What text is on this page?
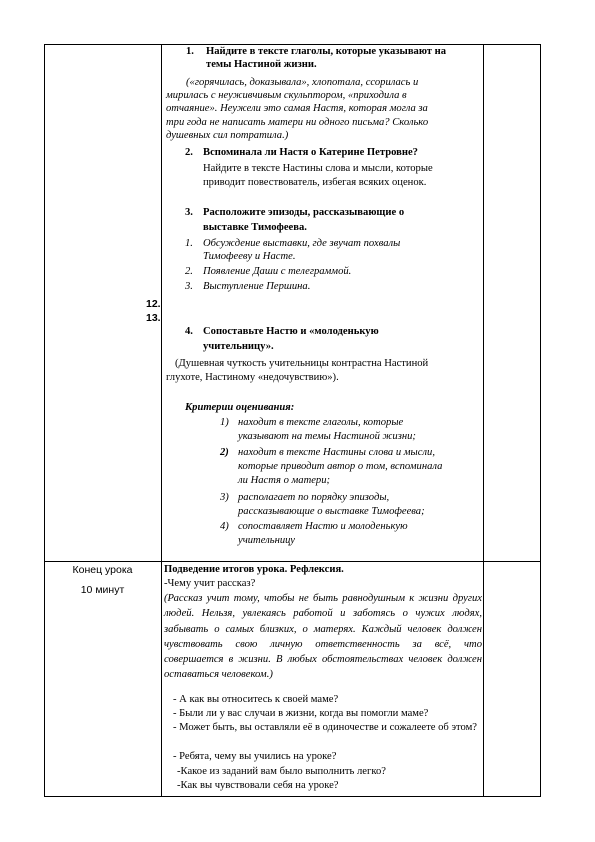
12.
13.
1. Найдите в тексте глаголы, которые указывают на
темы Настиной жизни.
(«горячилась, доказывала», хлопотала, ссорилась и
мирилась с неуживчивым скульптором, «приходила в
отчаяние». Неужели это самая Настя, которая могла за
три года не написать матери ни одного письма? Сколько
душевных сил потратила.)
2. Вспоминала ли Настя о Катерине Петровне?
Найдите в тексте Настины слова и мысли, которые
приводит повествователь, избегая всяких оценок.
3. Расположите эпизоды, рассказывающие о
выставке Тимофеева.
1. Обсуждение выставки, где звучат похвалы
Тимофееву и Насте.
2. Появление Даши с телеграммой.
3. Выступление Першина.
4. Сопоставьте Настю и «молоденькую
учительницу».
(Душевная чуткость учительницы контрастна Настиной
глухоте, Настиному «недочувствию»).
Критерии оценивания:
1) находит в тексте глаголы, которые
указывают на темы Настиной жизни;
2) находит в тексте Настины слова и мысли,
которые приводит автор о том, вспоминала
ли Настя о матери;
3) располагает по порядку эпизоды,
рассказывающие о выставке Тимофеева;
4) сопоставляет Настю и молоденькую
учительницу
Конец урока
10 минут
Подведение итогов урока. Рефлексия.
-Чему учит рассказ?
(Рассказ учит тому, чтобы не быть равнодушным к жизни других людей. Нельзя, увлекаясь работой и заботясь о чужих людях, забывать о самых близких, о матерях. Каждый человек должен чувствовать свою личную ответственность за всё, что совершается в жизни. В любых обстоятельствах человек должен оставаться человеком.)
- А как вы относитесь к своей маме?
- Были ли у вас случаи в жизни, когда вы помогли маме?
- Может быть, вы оставляли её в одиночестве и сожалеете об этом?
- Ребята, чему вы учились на уроке?
-Какое из заданий вам было выполнить легко?
-Как вы чувствовали себя на уроке?
